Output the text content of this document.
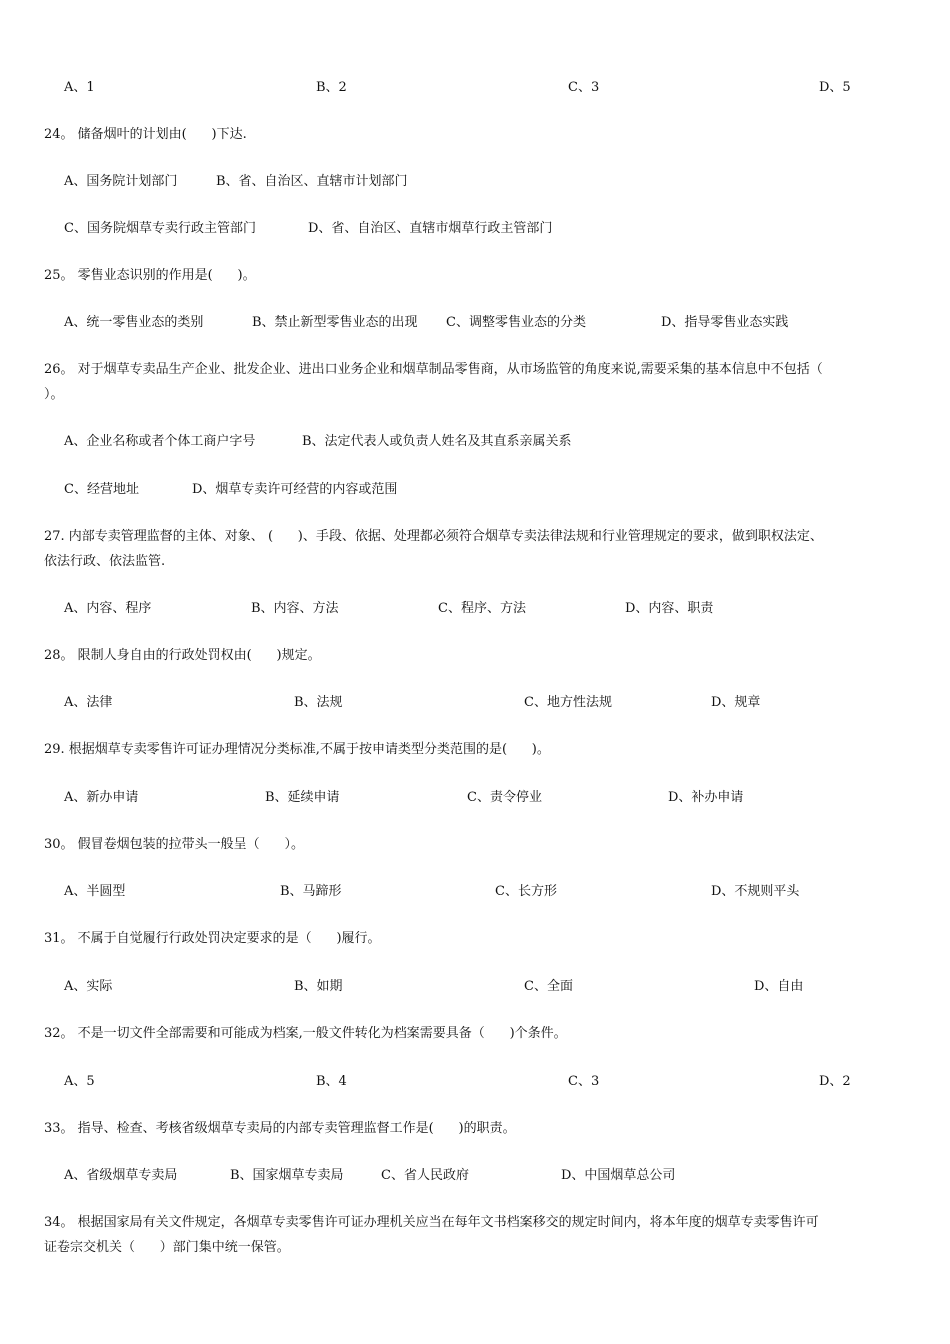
A、1	B、2	C、3	D、5
24。 储备烟叶的计划由(      )下达.
A、国务院计划部门	B、省、自治区、直辖市计划部门
C、国务院烟草专卖行政主管部门	D、省、自治区、直辖市烟草行政主管部门
25。 零售业态识别的作用是(      )。
A、统一零售业态的类别	B、禁止新型零售业态的出现 C、调整零售业态的分类	D、指导零售业态实践
26。 对于烟草专卖品生产企业、批发企业、进出口业务企业和烟草制品零售商，从市场监管的角度来说,需要采集的基本信息中不包括（
）。
A、企业名称或者个体工商户字号	B、法定代表人或负责人姓名及其直系亲属关系
C、经营地址	D、烟草专卖许可经营的内容或范围
27. 内部专卖管理监督的主体、对象、 (      )、手段、依据、处理都必须符合烟草专卖法律法规和行业管理规定的要求，做到职权法定、
依法行政、依法监管.
A、内容、程序	B、内容、方法	C、程序、方法	D、内容、职责
28。 限制人身自由的行政处罚权由(      )规定。
A、法律	B、法规	C、地方性法规	D、规章
29. 根据烟草专卖零售许可证办理情况分类标准,不属于按申请类型分类范围的是(      )。
A、新办申请	B、延续申请	C、责令停业	D、补办申请
30。 假冒卷烟包装的拉带头一般呈（      ）。
A、半圆型	B、马蹄形	C、长方形	D、不规则平头
31。 不属于自觉履行行政处罚决定要求的是（      )履行。
A、实际	B、如期	C、全面	D、自由
32。 不是一切文件全部需要和可能成为档案,一般文件转化为档案需要具备（      )个条件。
A、5	B、4	C、3	D、2
33。 指导、检查、考核省级烟草专卖局的内部专卖管理监督工作是(      )的职责。
A、省级烟草专卖局	B、国家烟草专卖局	C、省人民政府	D、中国烟草总公司
34。 根据国家局有关文件规定，各烟草专卖零售许可证办理机关应当在每年文书档案移交的规定时间内，将本年度的烟草专卖零售许可
证卷宗交机关（      ）部门集中统一保管。
